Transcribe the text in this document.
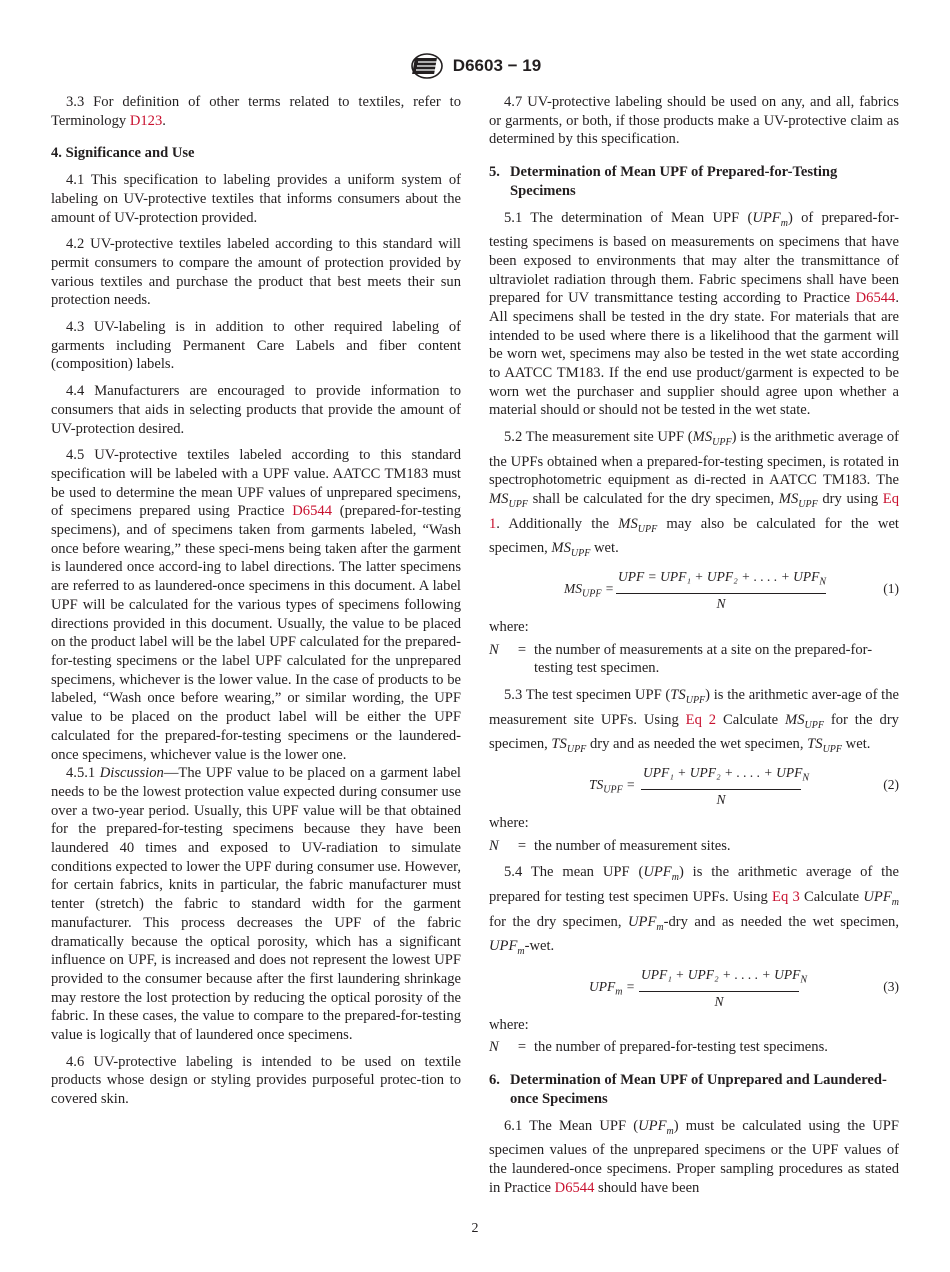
D6603 − 19

3.3 For definition of other terms related to textiles, refer to Terminology D123.

4. Significance and Use

4.1 This specification to labeling provides a uniform system of labeling on UV-protective textiles that informs consumers about the amount of UV-protection provided.

4.2 UV-protective textiles labeled according to this standard will permit consumers to compare the amount of protection provided by various textiles and purchase the product that best meets their sun protection needs.

4.3 UV-labeling is in addition to other required labeling of garments including Permanent Care Labels and fiber content (composition) labels.

4.4 Manufacturers are encouraged to provide information to consumers that aids in selecting products that provide the amount of UV-protection desired.

4.5 UV-protective textiles labeled according to this standard specification will be labeled with a UPF value. AATCC TM183 must be used to determine the mean UPF values of unprepared specimens, of specimens prepared using Practice D6544 (prepared-for-testing specimens), and of specimens taken from garments labeled, “Wash once before wearing,” these speci-mens being taken after the garment is laundered once accord-ing to label directions. The latter specimens are referred to as laundered-once specimens in this document. A label UPF will be calculated for the various types of specimens following directions provided in this document. Usually, the value to be placed on the product label will be the label UPF calculated for the prepared-for-testing specimens or the label UPF calculated for the unprepared specimens, whichever is the lower value. In the case of products to be labeled, “Wash once before wearing,” or similar wording, the UPF value to be placed on the product label will be either the UPF calculated for the prepared-for-testing specimens or the laundered-once specimens, whichever value is the lower one.

4.5.1 Discussion—The UPF value to be placed on a garment label needs to be the lowest protection value expected during consumer use over a two-year period. Usually, this UPF value will be that obtained for the prepared-for-testing specimens because they have been laundered 40 times and exposed to UV-radiation to simulate conditions expected to lower the UPF during consumer use. However, for certain fabrics, knits in particular, the fabric manufacturer must tenter (stretch) the fabric to standard width for the garment manufacturer. This process decreases the UPF of the fabric dramatically because the optical porosity, which has a significant influence on UPF, is increased and does not represent the lowest UPF provided to the consumer because after the first laundering shrinkage may restore the lost protection by reducing the optical porosity of the fabric. In these cases, the value to compare to the prepared-for-testing value is logically that of laundered once specimens.

4.6 UV-protective labeling is intended to be used on textile products whose design or styling provides purposeful protec-tion to covered skin.

4.7 UV-protective labeling should be used on any, and all, fabrics or garments, or both, if those products make a UV-protective claim as determined by this specification.

5. Determination of Mean UPF of Prepared-for-Testing Specimens

5.1 The determination of Mean UPF $(UPF_m)$ of prepared-for-testing specimens is based on measurements on specimens that have been exposed to environments that may alter the transmittance of ultraviolet radiation through them. Fabric specimens shall have been prepared for UV transmittance testing according to Practice D6544. All specimens shall be tested in the dry state. For materials that are intended to be used where there is a likelihood that the garment will be worn wet, specimens may also be tested in the wet state according to AATCC TM183. If the end use product/garment is expected to be worn wet the purchaser and supplier should agree upon whether a material should or should not be tested in the wet state.

5.2 The measurement site UPF $(MS_{UPF})$ is the arithmetic average of the UPFs obtained when a prepared-for-testing specimen, is rotated in spectrophotometric equipment as di-rected in AATCC TM183. The $MS_{UPF}$ shall be calculated for the dry specimen, $MS_{UPF}$ dry using Eq 1. Additionally the $MS_{UPF}$ may also be calculated for the wet specimen, $MS_{UPF}$ wet.

$MS_{UPF}$ =
UPF = UPF₁ + UPF₂ + . . . . + $UPF_N$
N
(1)

where:

N	= the number of measurements at a site on the prepared-for-testing test specimen.

5.3 The test specimen UPF $(TS_{UPF})$ is the arithmetic aver-age of the measurement site UPFs. Using Eq 2 Calculate $MS_{UPF}$ for the dry specimen, $TS_{UPF}$ dry and as needed the wet specimen, $TS_{UPF}$ wet.

$TS_{UPF}$ =
UPF₁ + UPF₂ + . . . . + $UPF_N$
N
(2)

where:

N	= the number of measurement sites.

5.4 The mean UPF $(UPF_m)$ is the arithmetic average of the prepared for testing test specimen UPFs. Using Eq 3 Calculate $UPF_m$ for the dry specimen, $UPF_m$-dry and as needed the wet specimen, $UPF_m$-wet.

$UPF_m$ =
UPF₁ + UPF₂ + . . . . + $UPF_N$
N
(3)

where:

N	= the number of prepared-for-testing test specimens.
6. Determination of Mean UPF of Unprepared and Laundered-once Specimens

6.1 The Mean UPF $(UPF_m)$ must be calculated using the UPF specimen values of the unprepared specimens or the UPF values of the laundered-once specimens. Proper sampling procedures as stated in Practice D6544 should have been

2
